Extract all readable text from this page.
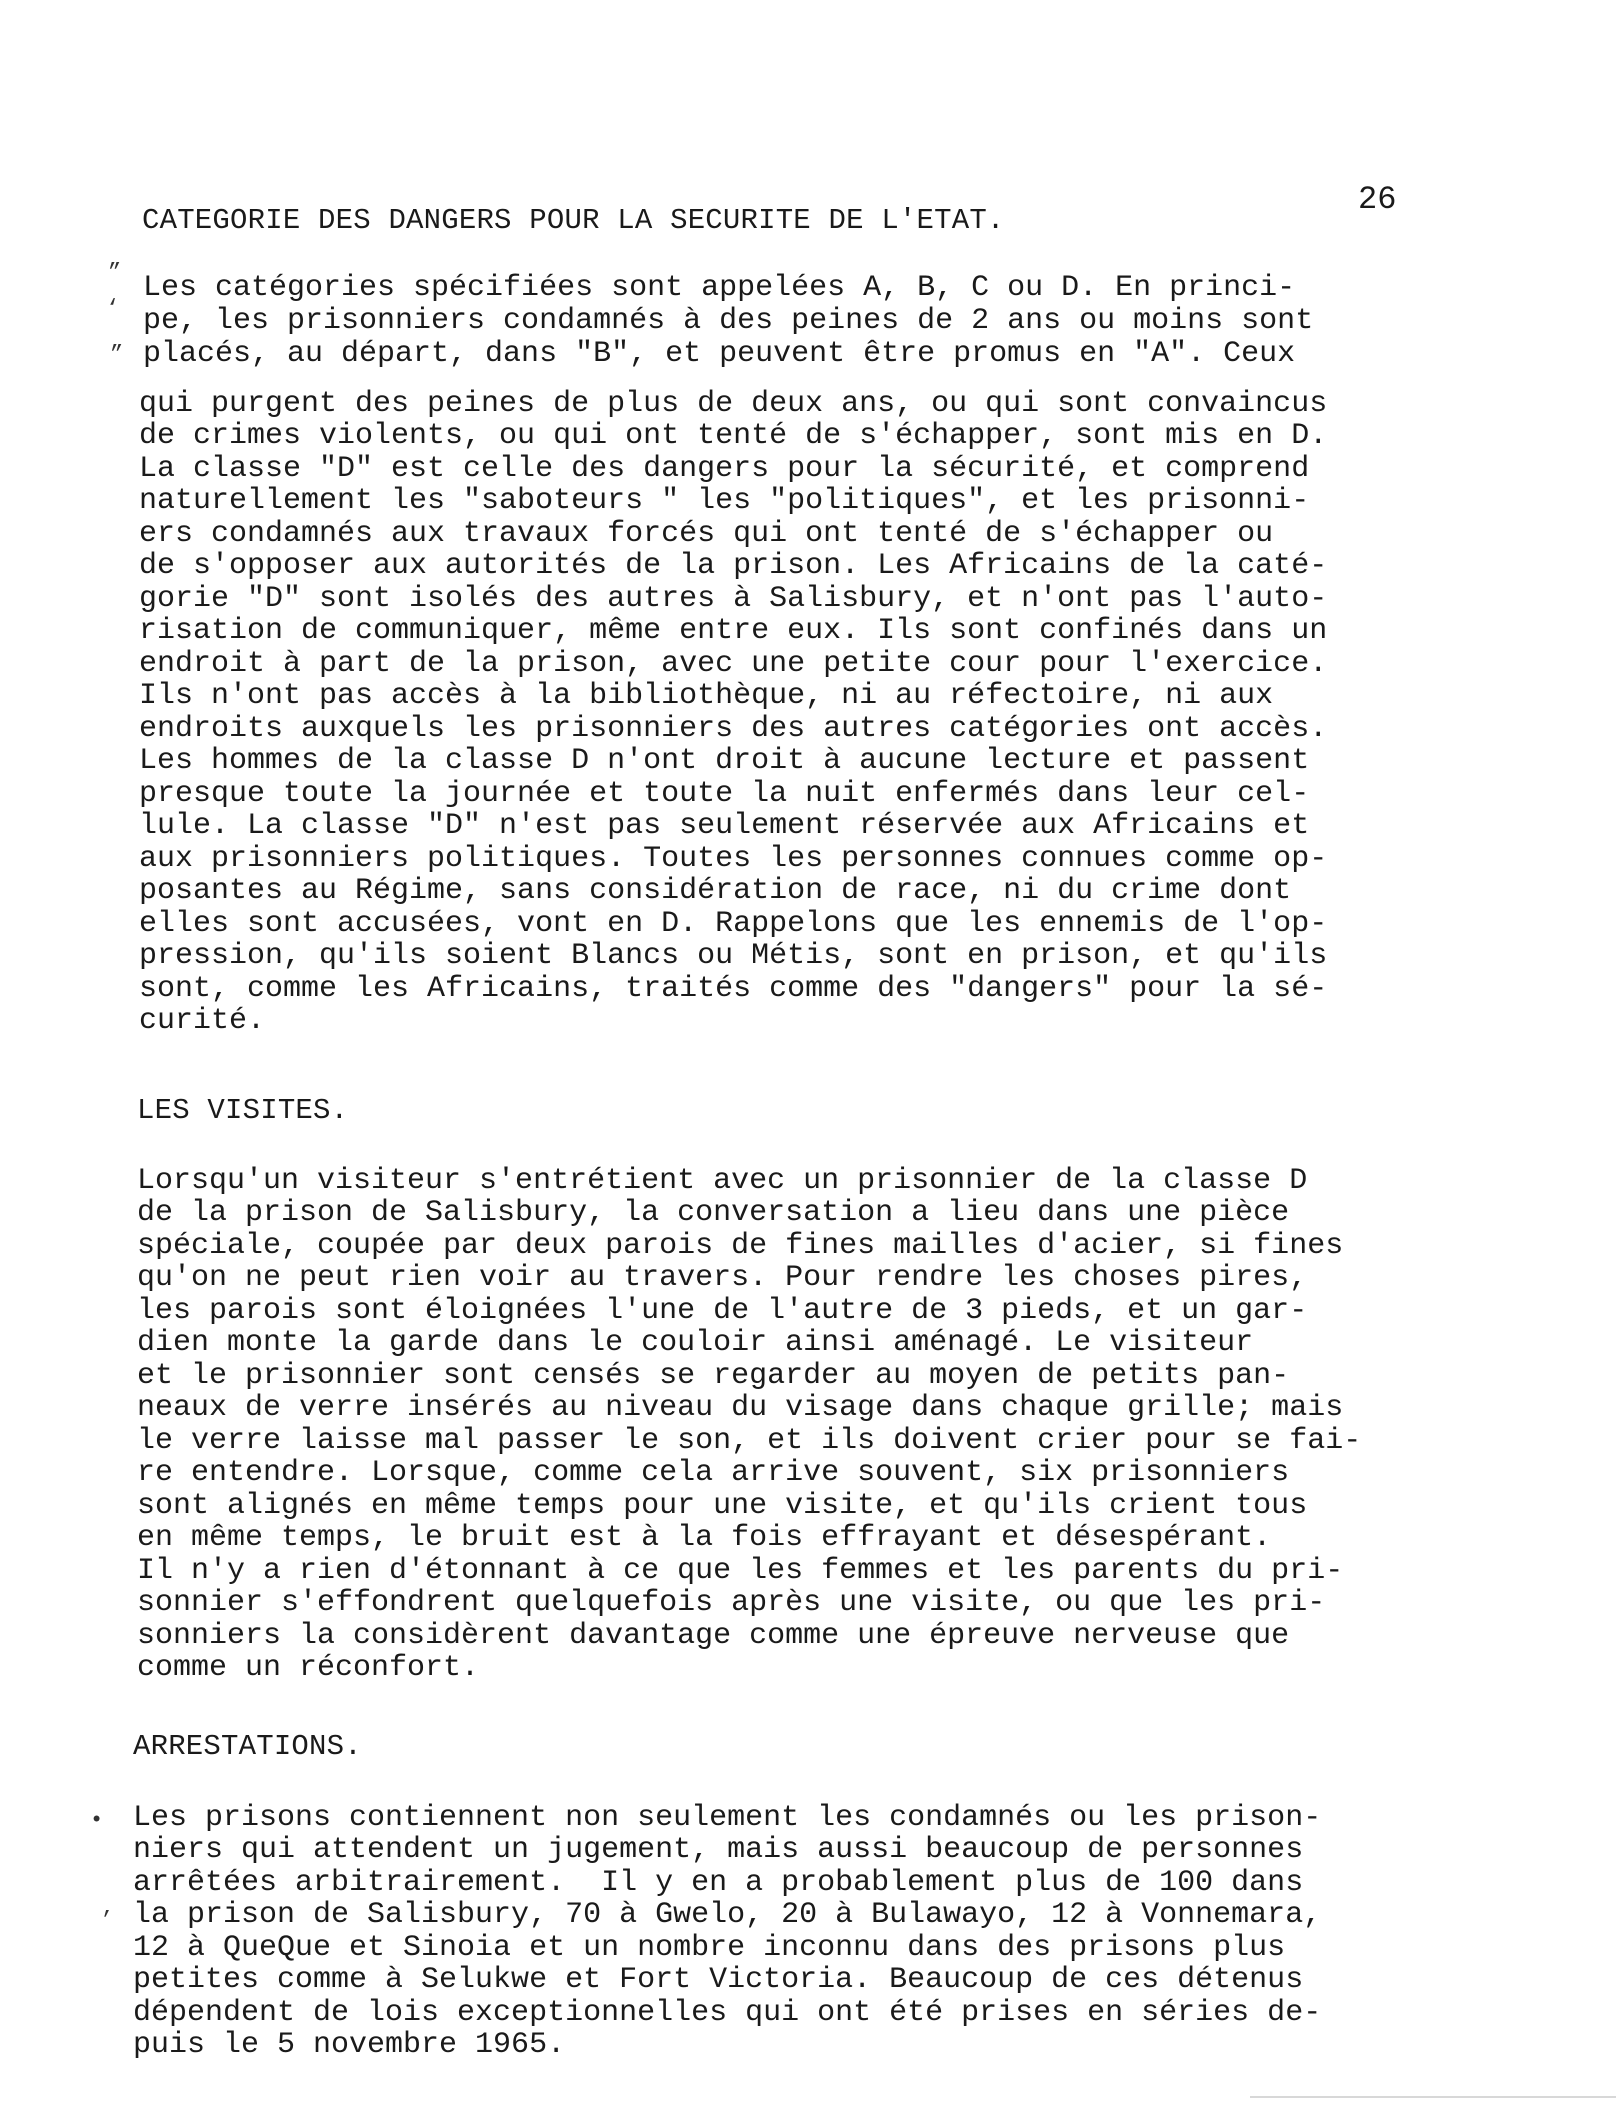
26
CATEGORIE DES DANGERS POUR LA SECURITE DE L'ETAT.
”
‘
”
Les catégories spécifiées sont appelées A, B, C ou D. En princi-
pe, les prisonniers condamnés à des peines de 2 ans ou moins sont
placés, au départ, dans "B", et peuvent être promus en "A". Ceux
qui purgent des peines de plus de deux ans, ou qui sont convaincus
de crimes violents, ou qui ont tenté de s'échapper, sont mis en D.
La classe "D" est celle des dangers pour la sécurité, et comprend
naturellement les "saboteurs " les "politiques", et les prisonni-
ers condamnés aux travaux forcés qui ont tenté de s'échapper ou
de s'opposer aux autorités de la prison. Les Africains de la caté-
gorie "D" sont isolés des autres à Salisbury, et n'ont pas l'auto-
risation de communiquer, même entre eux. Ils sont confinés dans un
endroit à part de la prison, avec une petite cour pour l'exercice.
Ils n'ont pas accès à la bibliothèque, ni au réfectoire, ni aux
endroits auxquels les prisonniers des autres catégories ont accès.
Les hommes de la classe D n'ont droit à aucune lecture et passent
presque toute la journée et toute la nuit enfermés dans leur cel-
lule. La classe "D" n'est pas seulement réservée aux Africains et
aux prisonniers politiques. Toutes les personnes connues comme op-
posantes au Régime, sans considération de race, ni du crime dont
elles sont accusées, vont en D. Rappelons que les ennemis de l'op-
pression, qu'ils soient Blancs ou Métis, sont en prison, et qu'ils
sont, comme les Africains, traités comme des "dangers" pour la sé-
curité.
LES VISITES.
Lorsqu'un visiteur s'entrétient avec un prisonnier de la classe D
de la prison de Salisbury, la conversation a lieu dans une pièce
spéciale, coupée par deux parois de fines mailles d'acier, si fines
qu'on ne peut rien voir au travers. Pour rendre les choses pires,
les parois sont éloignées l'une de l'autre de 3 pieds, et un gar-
dien monte la garde dans le couloir ainsi aménagé. Le visiteur
et le prisonnier sont censés se regarder au moyen de petits pan-
neaux de verre insérés au niveau du visage dans chaque grille; mais
le verre laisse mal passer le son, et ils doivent crier pour se fai-
re entendre. Lorsque, comme cela arrive souvent, six prisonniers
sont alignés en même temps pour une visite, et qu'ils crient tous
en même temps, le bruit est à la fois effrayant et désespérant.
Il n'y a rien d'étonnant à ce que les femmes et les parents du pri-
sonnier s'effondrent quelquefois après une visite, ou que les pri-
sonniers la considèrent davantage comme une épreuve nerveuse que
comme un réconfort.
ARRESTATIONS.
•
’
Les prisons contiennent non seulement les condamnés ou les prison-
niers qui attendent un jugement, mais aussi beaucoup de personnes
arrêtées arbitrairement.  Il y en a probablement plus de 100 dans
la prison de Salisbury, 70 à Gwelo, 20 à Bulawayo, 12 à Vonnemara,
12 à QueQue et Sinoia et un nombre inconnu dans des prisons plus
petites comme à Selukwe et Fort Victoria. Beaucoup de ces détenus
dépendent de lois exceptionnelles qui ont été prises en séries de-
puis le 5 novembre 1965.
